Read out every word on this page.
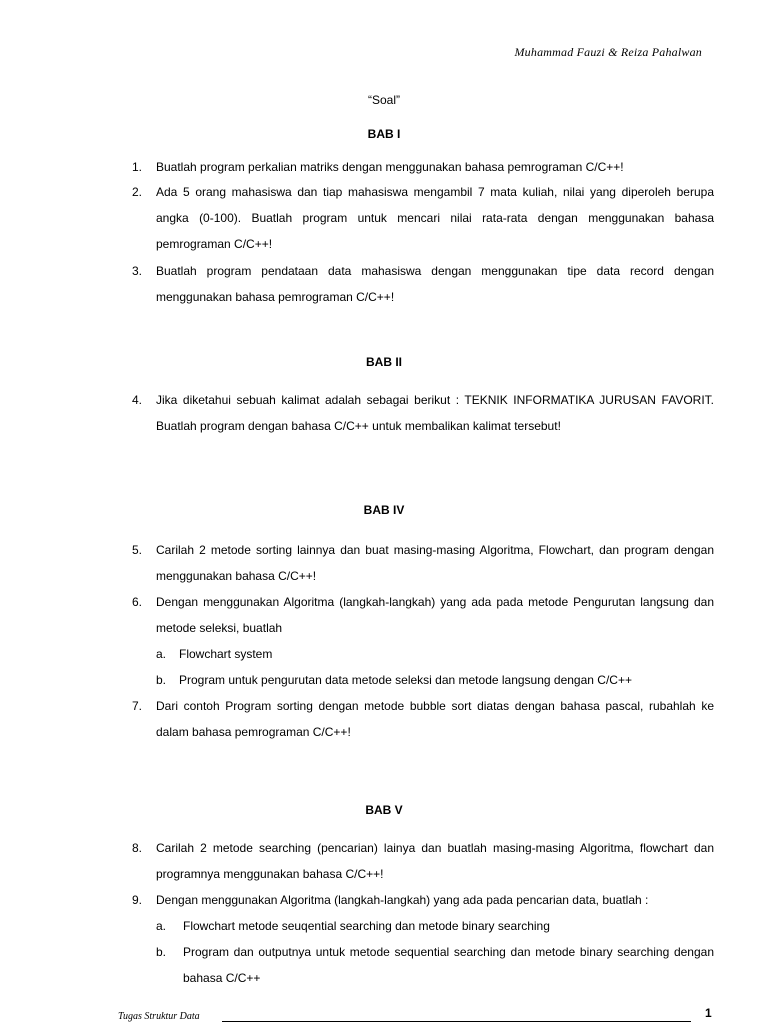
Muhammad Fauzi & Reiza Pahalwan
“Soal”
BAB I
1. Buatlah program perkalian matriks dengan menggunakan bahasa pemrograman C/C++!
2. Ada 5 orang mahasiswa dan tiap mahasiswa mengambil 7 mata kuliah, nilai yang diperoleh berupa angka (0-100). Buatlah program untuk mencari nilai rata-rata dengan menggunakan bahasa pemrograman C/C++!
3. Buatlah program pendataan data mahasiswa dengan menggunakan tipe data record dengan menggunakan bahasa pemrograman C/C++!
BAB II
4. Jika diketahui sebuah kalimat adalah sebagai berikut : TEKNIK INFORMATIKA JURUSAN FAVORIT. Buatlah program dengan bahasa C/C++ untuk membalikan kalimat tersebut!
BAB IV
5. Carilah 2 metode sorting lainnya dan buat masing-masing Algoritma, Flowchart, dan program dengan menggunakan bahasa C/C++!
6. Dengan menggunakan Algoritma (langkah-langkah) yang ada pada metode Pengurutan langsung dan metode seleksi, buatlah
a. Flowchart system
b. Program untuk pengurutan data metode seleksi dan metode langsung dengan C/C++
7. Dari contoh Program sorting dengan metode bubble sort diatas dengan bahasa pascal, rubahlah ke dalam bahasa pemrograman C/C++!
BAB V
8. Carilah 2 metode searching (pencarian) lainya dan buatlah masing-masing Algoritma, flowchart dan programnya menggunakan bahasa C/C++!
9. Dengan menggunakan Algoritma (langkah-langkah) yang ada pada pencarian data, buatlah :
a. Flowchart metode seuqential searching dan metode binary searching
b. Program dan outputnya untuk metode sequential searching dan metode binary searching dengan bahasa C/C++
Tugas Struktur Data	1
